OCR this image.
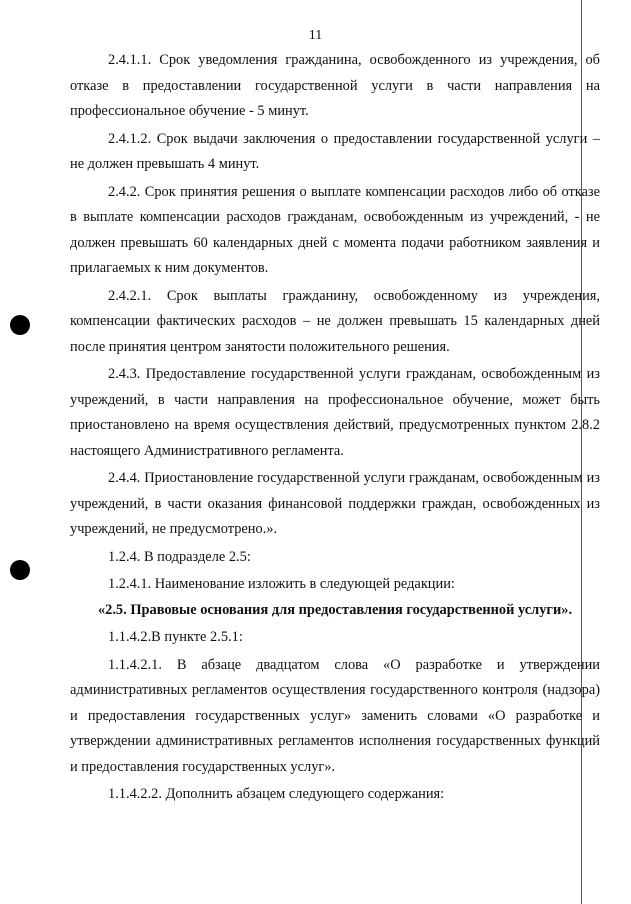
11

2.4.1.1. Срок уведомления гражданина, освобожденного из учреждения, об отказе в предоставлении государственной услуги в части направления на профессиональное обучение - 5 минут.

2.4.1.2. Срок выдачи заключения о предоставлении государственной услуги – не должен превышать 4 минут.

2.4.2. Срок принятия решения о выплате компенсации расходов либо об отказе в выплате компенсации расходов гражданам, освобожденным из учреждений, - не должен превышать 60 календарных дней с момента подачи работником заявления и прилагаемых к ним документов.

2.4.2.1. Срок выплаты гражданину, освобожденному из учреждения, компенсации фактических расходов – не должен превышать 15 календарных дней после принятия центром занятости положительного решения.

2.4.3. Предоставление государственной услуги гражданам, освобожденным из учреждений, в части направления на профессиональное обучение, может быть приостановлено на время осуществления действий, предусмотренных пунктом 2.8.2 настоящего Административного регламента.

2.4.4. Приостановление государственной услуги гражданам, освобожденным из учреждений, в части оказания финансовой поддержки граждан, освобожденных из учреждений, не предусмотрено.».

1.2.4. В подразделе 2.5:

1.2.4.1. Наименование изложить в следующей редакции:

«2.5. Правовые основания для предоставления государственной услуги».

1.1.4.2.В пункте 2.5.1:

1.1.4.2.1. В абзаце двадцатом слова «О разработке и утверждении административных регламентов осуществления государственного контроля (надзора) и предоставления государственных услуг» заменить словами «О разработке и утверждении административных регламентов исполнения государственных функций и предоставления государственных услуг».

1.1.4.2.2. Дополнить абзацем следующего содержания:
